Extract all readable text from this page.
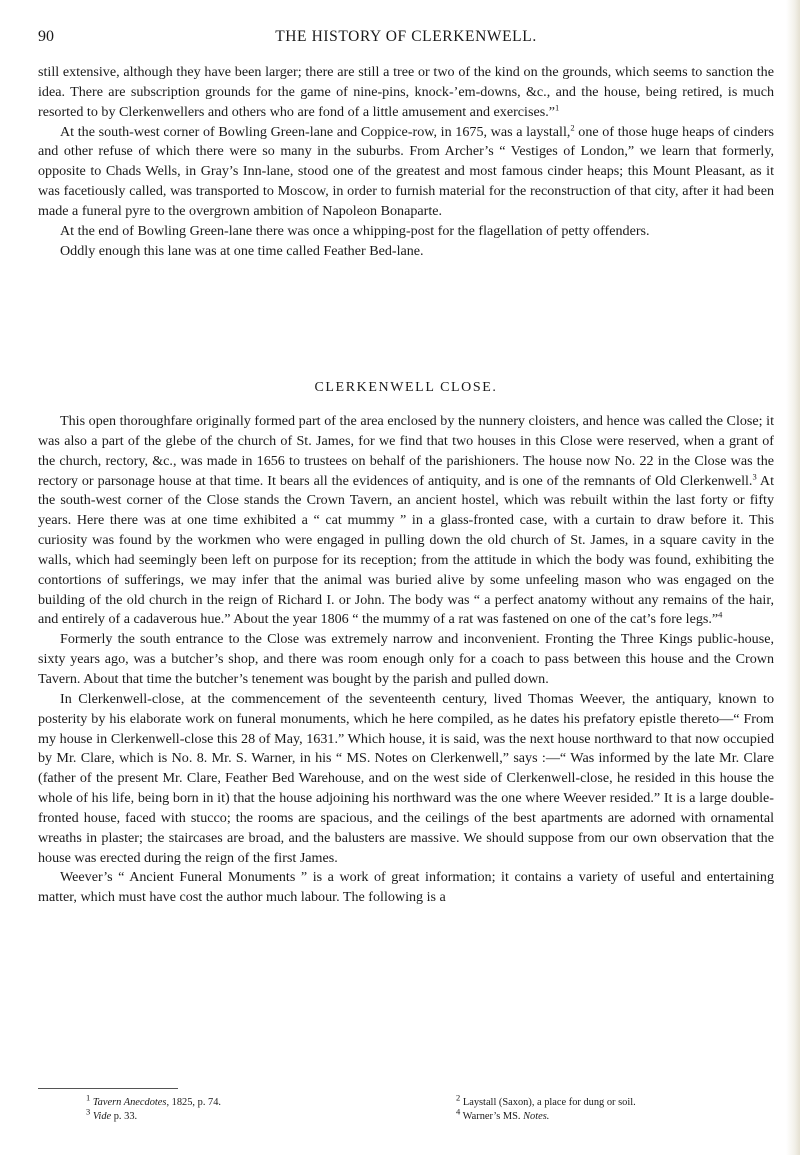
90	THE HISTORY OF CLERKENWELL.

still extensive, although they have been larger; there are still a tree or two of the kind on the grounds, which seems to sanction the idea. There are subscription grounds for the game of nine-pins, knock-’em-downs, &c., and the house, being retired, is much resorted to by Clerkenwellers and others who are fond of a little amusement and exercises.”$^1$

At the south-west corner of Bowling Green-lane and Coppice-row, in 1675, was a laystall,$^2$ one of those huge heaps of cinders and other refuse of which there were so many in the suburbs. From Archer’s “ Vestiges of London,” we learn that formerly, opposite to Chads Wells, in Gray’s Inn-lane, stood one of the greatest and most famous cinder heaps; this Mount Pleasant, as it was facetiously called, was transported to Moscow, in order to furnish material for the reconstruction of that city, after it had been made a funeral pyre to the overgrown ambition of Napoleon Bonaparte.

At the end of Bowling Green-lane there was once a whipping-post for the flagellation of petty offenders.

Oddly enough this lane was at one time called Feather Bed-lane.

CLERKENWELL CLOSE.

This open thoroughfare originally formed part of the area enclosed by the nunnery cloisters, and hence was called the Close; it was also a part of the glebe of the church of St. James, for we find that two houses in this Close were reserved, when a grant of the church, rectory, &c., was made in 1656 to trustees on behalf of the parishioners. The house now No. 22 in the Close was the rectory or parsonage house at that time. It bears all the evidences of antiquity, and is one of the remnants of Old Clerkenwell.$^3$ At the south-west corner of the Close stands the Crown Tavern, an ancient hostel, which was rebuilt within the last forty or fifty years. Here there was at one time exhibited a “ cat mummy ” in a glass-fronted case, with a curtain to draw before it. This curiosity was found by the workmen who were engaged in pulling down the old church of St. James, in a square cavity in the walls, which had seemingly been left on purpose for its reception; from the attitude in which the body was found, exhibiting the contortions of sufferings, we may infer that the animal was buried alive by some unfeeling mason who was engaged on the building of the old church in the reign of Richard I. or John. The body was “ a perfect anatomy without any remains of the hair, and entirely of a cadaverous hue.” About the year 1806 “ the mummy of a rat was fastened on one of the cat’s fore legs.”$^4$

Formerly the south entrance to the Close was extremely narrow and inconvenient. Fronting the Three Kings public-house, sixty years ago, was a butcher’s shop, and there was room enough only for a coach to pass between this house and the Crown Tavern. About that time the butcher’s tenement was bought by the parish and pulled down.

In Clerkenwell-close, at the commencement of the seventeenth century, lived Thomas Weever, the antiquary, known to posterity by his elaborate work on funeral monuments, which he here compiled, as he dates his prefatory epistle thereto—“ From my house in Clerkenwell-close this 28 of May, 1631.” Which house, it is said, was the next house northward to that now occupied by Mr. Clare, which is No. 8. Mr. S. Warner, in his “ MS. Notes on Clerkenwell,” says :—“ Was informed by the late Mr. Clare (father of the present Mr. Clare, Feather Bed Warehouse, and on the west side of Clerkenwell-close, he resided in this house the whole of his life, being born in it) that the house adjoining his northward was the one where Weever resided.” It is a large double-fronted house, faced with stucco; the rooms are spacious, and the ceilings of the best apartments are adorned with ornamental wreaths in plaster; the staircases are broad, and the balusters are massive. We should suppose from our own observation that the house was erected during the reign of the first James.

Weever’s “ Ancient Funeral Monuments ” is a work of great information; it contains a variety of useful and entertaining matter, which must have cost the author much labour. The following is a

$^1$ Tavern Anecdotes, 1825, p. 74.
$^3$ Vide p. 33.
$^2$ Laystall (Saxon), a place for dung or soil.
$^4$ Warner’s MS. Notes.
